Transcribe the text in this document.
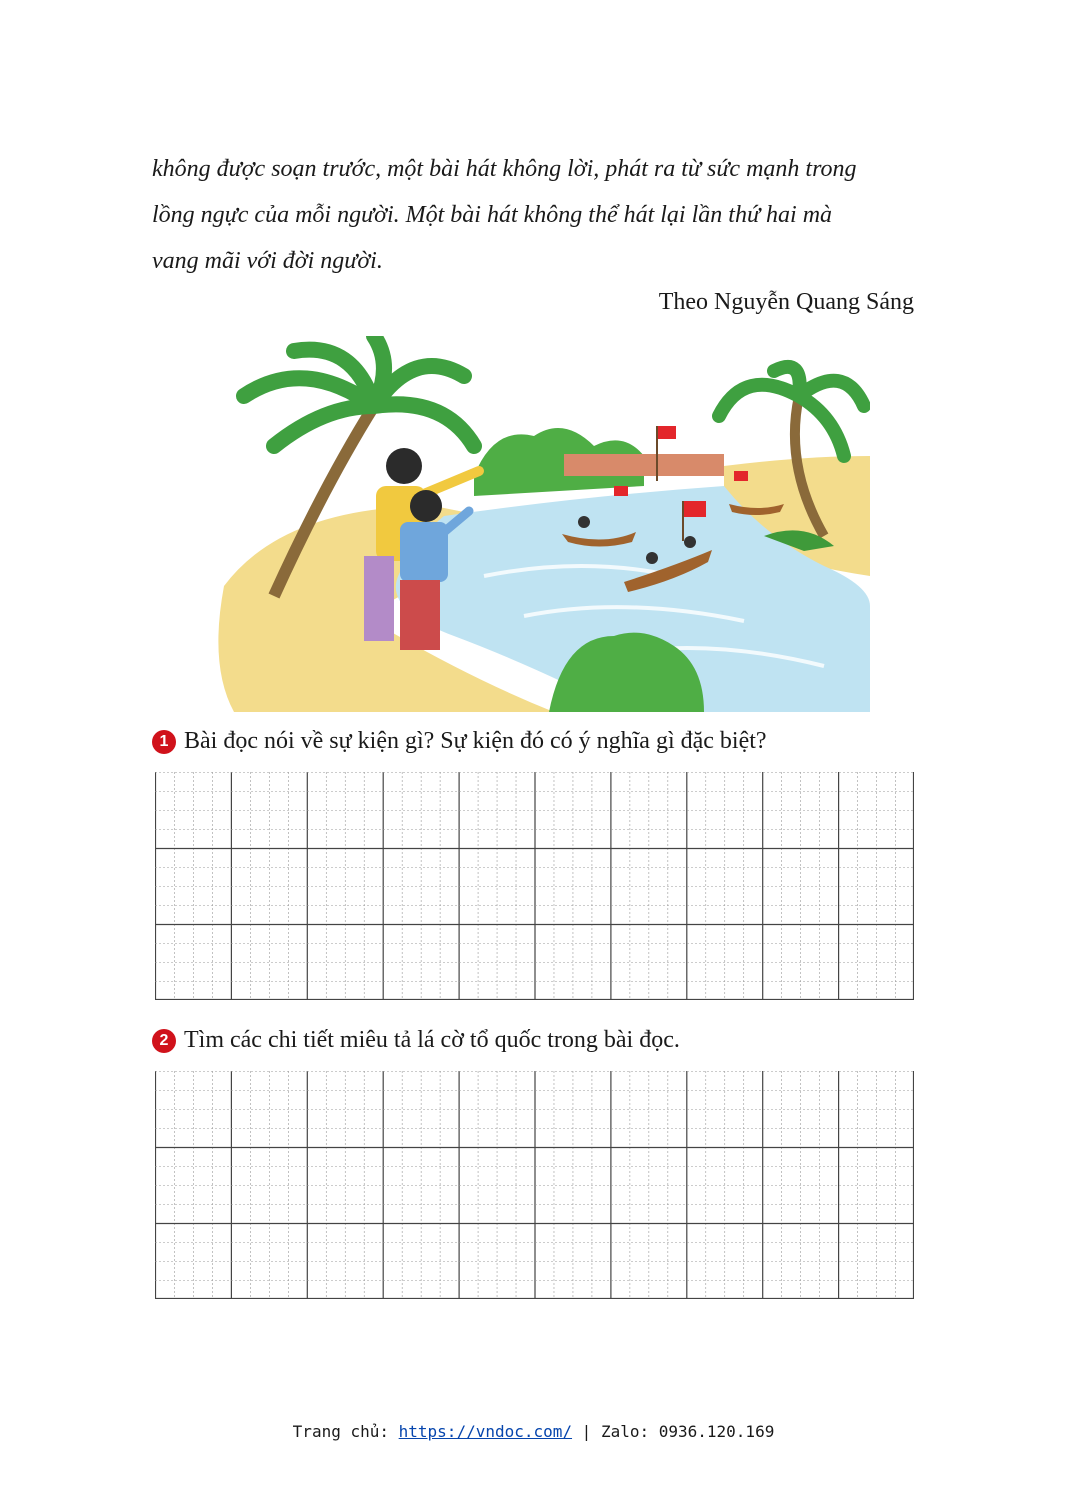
không được soạn trước, một bài hát không lời, phát ra từ sức mạnh trong
lồng ngực của mỗi người. Một bài hát không thể hát lại lần thứ hai mà
vang mãi với đời người.
Theo Nguyễn Quang Sáng
1 Bài đọc nói về sự kiện gì? Sự kiện đó có ý nghĩa gì đặc biệt?
2 Tìm các chi tiết miêu tả lá cờ tổ quốc trong bài đọc.
Trang chủ: https://vndoc.com/ | Zalo: 0936.120.169
